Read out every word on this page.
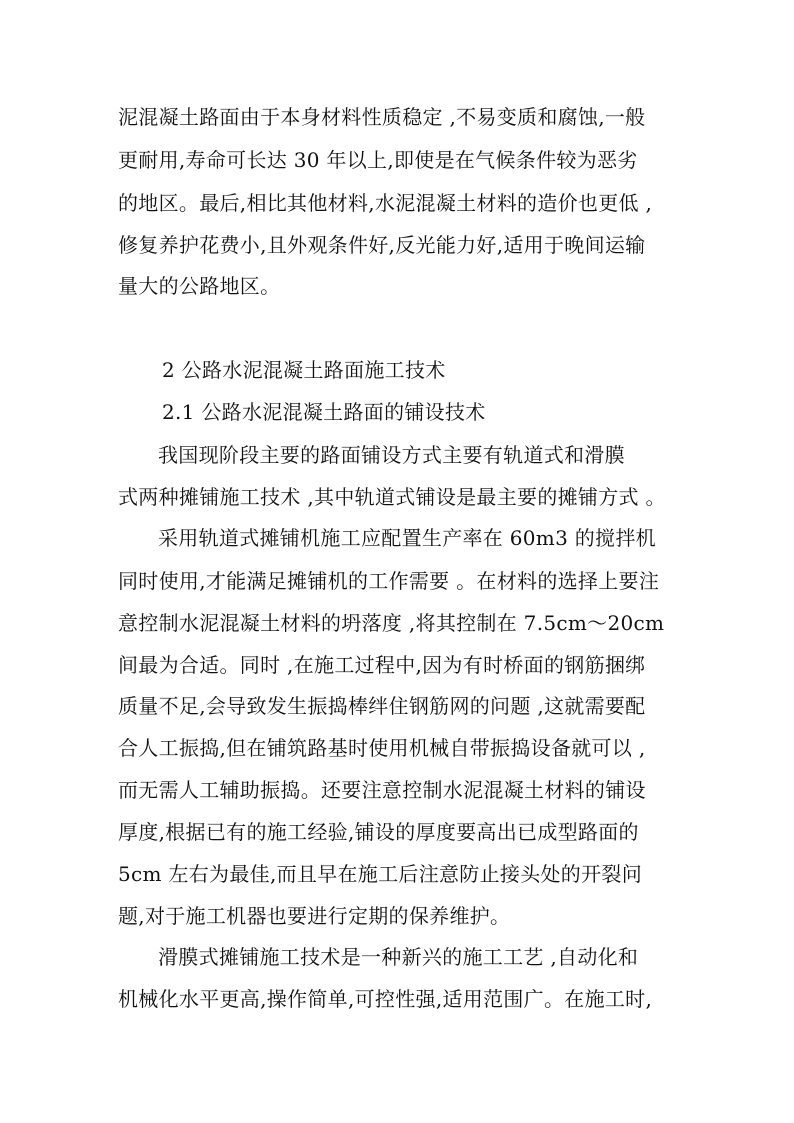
泥混凝土路面由于本身材料性质稳定 ,不易变质和腐蚀,一般
更耐用,寿命可长达 30 年以上,即使是在气候条件较为恶劣
的地区。最后,相比其他材料,水泥混凝土材料的造价也更低 ,
修复养护花费小,且外观条件好,反光能力好,适用于晚间运输
量大的公路地区。
2 公路水泥混凝土路面施工技术
2.1 公路水泥混凝土路面的铺设技术
我国现阶段主要的路面铺设方式主要有轨道式和滑膜
式两种摊铺施工技术 ,其中轨道式铺设是最主要的摊铺方式 。
采用轨道式摊铺机施工应配置生产率在 60m3 的搅拌机
同时使用,才能满足摊铺机的工作需要 。在材料的选择上要注
意控制水泥混凝土材料的坍落度 ,将其控制在 7.5cm～20cm
间最为合适。同时 ,在施工过程中,因为有时桥面的钢筋捆绑
质量不足,会导致发生振捣棒绊住钢筋网的问题 ,这就需要配
合人工振捣,但在铺筑路基时使用机械自带振捣设备就可以 ,
而无需人工辅助振捣。还要注意控制水泥混凝土材料的铺设
厚度,根据已有的施工经验,铺设的厚度要高出已成型路面的
5cm 左右为最佳,而且早在施工后注意防止接头处的开裂问
题,对于施工机器也要进行定期的保养维护。
滑膜式摊铺施工技术是一种新兴的施工工艺 ,自动化和
机械化水平更高,操作简单,可控性强,适用范围广。在施工时,
